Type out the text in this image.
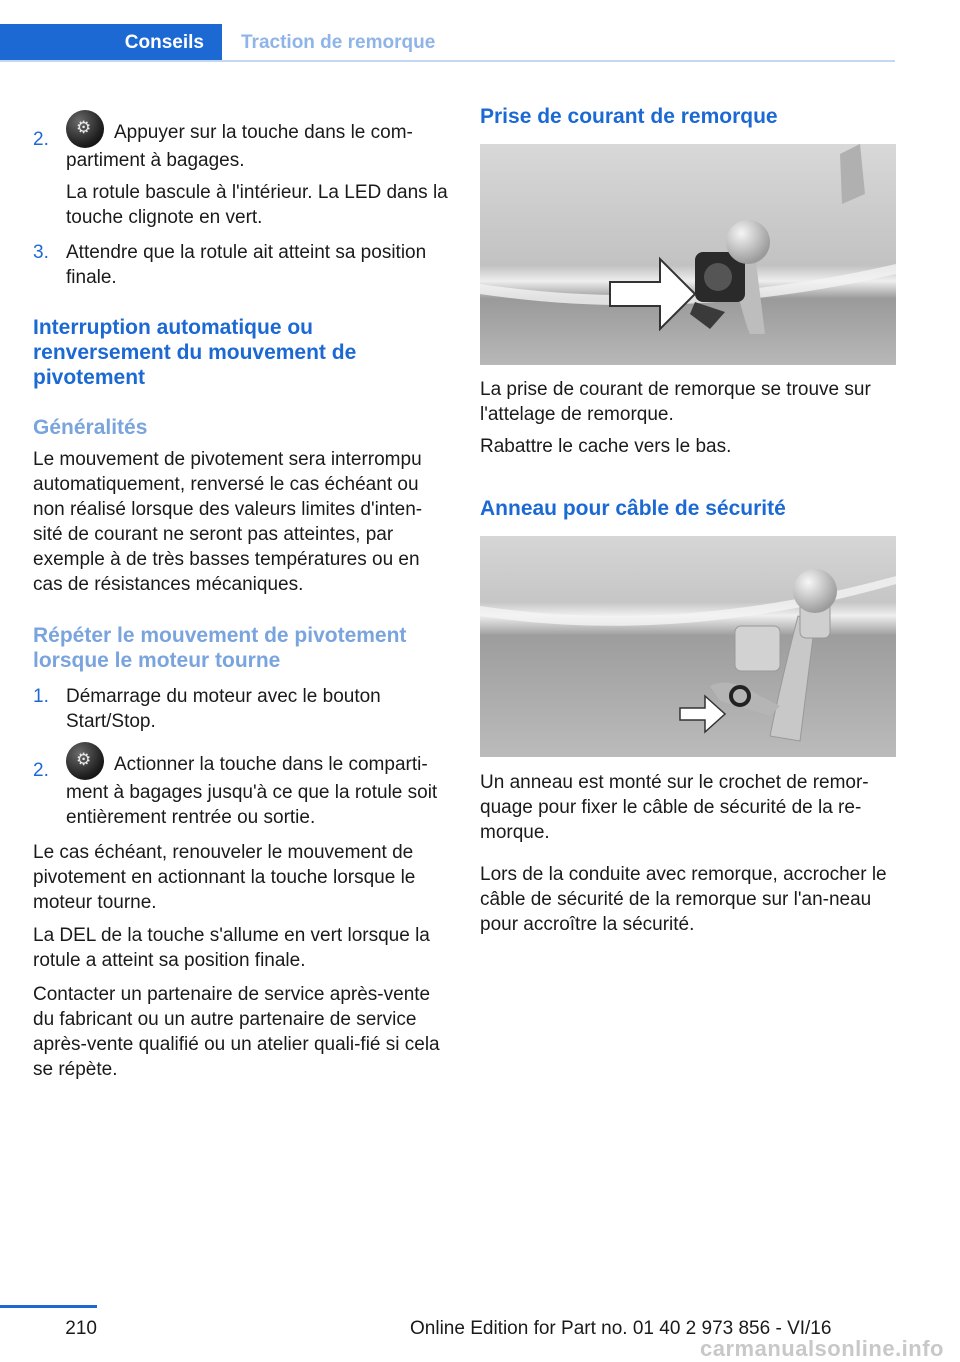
Conseils	Traction de remorque
2.
⚙ Appuyer sur la touche dans le com-
partiment à bagages.
La rotule bascule à l'intérieur. La LED dans la touche clignote en vert.
3. Attendre que la rotule ait atteint sa position finale.
Interruption automatique ou renversement du mouvement de pivotement
Généralités
Le mouvement de pivotement sera interrompu automatiquement, renversé le cas échéant ou non réalisé lorsque des valeurs limites d'inten-sité de courant ne seront pas atteintes, par exemple à de très basses températures ou en cas de résistances mécaniques.
Répéter le mouvement de pivotement lorsque le moteur tourne
1. Démarrage du moteur avec le bouton Start/Stop.
2.
⚙ Actionner la touche dans le comparti-
ment à bagages jusqu'à ce que la rotule soit entièrement rentrée ou sortie.
Le cas échéant, renouveler le mouvement de pivotement en actionnant la touche lorsque le moteur tourne.
La DEL de la touche s'allume en vert lorsque la rotule a atteint sa position finale.
Contacter un partenaire de service après-vente du fabricant ou un autre partenaire de service après-vente qualifié ou un atelier quali-fié si cela se répète.
Prise de courant de remorque
La prise de courant de remorque se trouve sur l'attelage de remorque.
Rabattre le cache vers le bas.
Anneau pour câble de sécurité
Un anneau est monté sur le crochet de remor-quage pour fixer le câble de sécurité de la re-morque.
Lors de la conduite avec remorque, accrocher le câble de sécurité de la remorque sur l'an-neau pour accroître la sécurité.
210	Online Edition for Part no. 01 40 2 973 856 - VI/16
carmanualsonline.info
